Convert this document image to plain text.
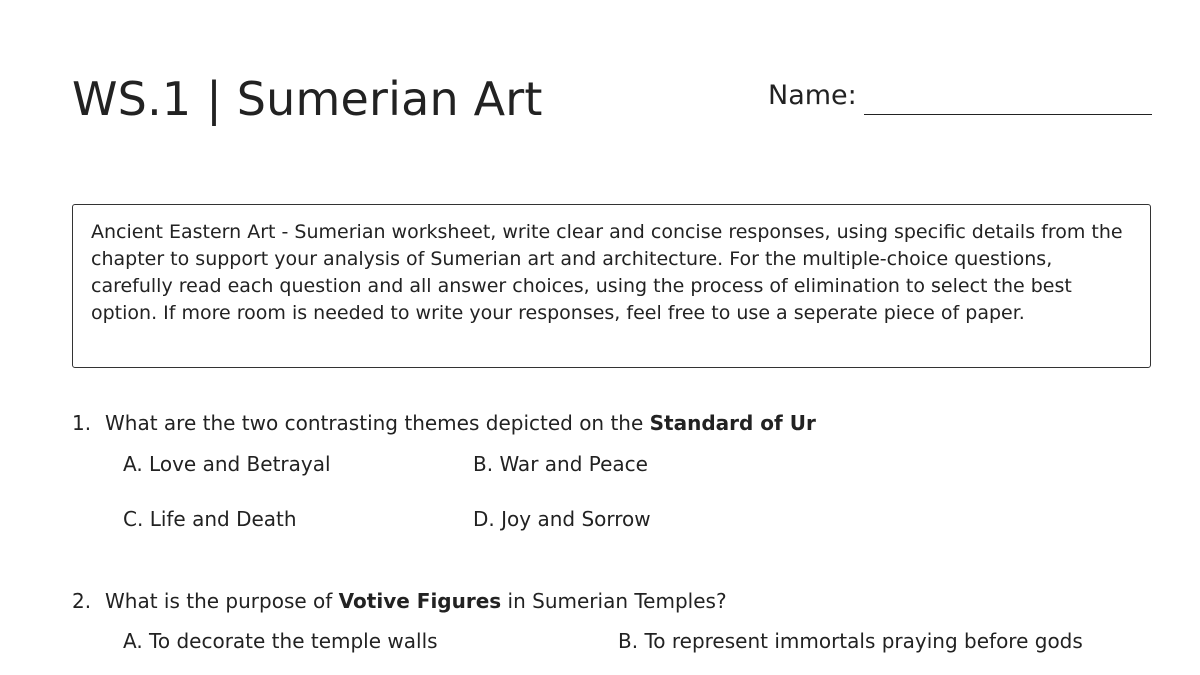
WS.1 | Sumerian Art	Name:
Ancient Eastern Art - Sumerian worksheet, write clear and concise responses, using specific details from the chapter to support your analysis of Sumerian art and architecture. For the multiple-choice questions, carefully read each question and all answer choices, using the process of elimination to select the best option. If more room is needed to write your responses, feel free to use a seperate piece of paper.
1. What are the two contrasting themes depicted on the Standard of Ur
A. Love and Betrayal	B. War and Peace
C. Life and Death	D. Joy and Sorrow
2. What is the purpose of Votive Figures in Sumerian Temples?
A. To decorate the temple walls	B. To represent immortals praying before gods
